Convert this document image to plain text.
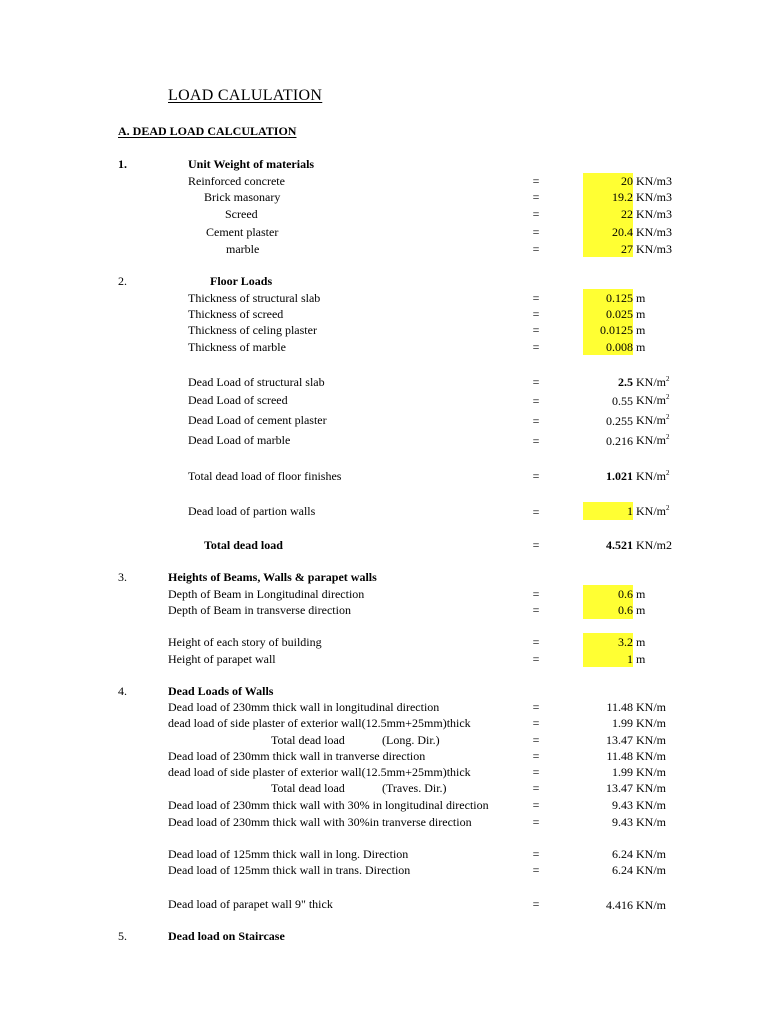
LOAD CALULATION
A. DEAD LOAD CALCULATION
1.	Unit Weight of materials
Reinforced concrete	=	20 KN/m3
Brick masonary	=	19.2 KN/m3
Screed	=	22 KN/m3
Cement plaster	=	20.4 KN/m3
marble	=	27 KN/m3
2.	Floor Loads
Thickness of structural slab	=	0.125 m
Thickness of screed	=	0.025 m
Thickness of celing plaster	=	0.0125 m
Thickness of marble	=	0.008 m
Dead Load of structural slab	=	2.5 $KN/m^2$
Dead Load of screed	=	0.55 $KN/m^2$
Dead Load of cement plaster	=	0.255 $KN/m^2$
Dead Load of marble	=	0.216 $KN/m^2$
Total dead load of floor finishes	=	1.021 $KN/m^2$
Dead load of partion walls	=	1 $KN/m^2$
Total dead load	=	4.521 KN/m2
3.	Heights of Beams, Walls & parapet walls
Depth of Beam in Longitudinal direction	=	0.6 m
Depth of Beam in transverse direction	=	0.6 m
Height of each story of building	=	3.2 m
Height of parapet wall	=	1 m
4.	Dead Loads of Walls
Dead load of 230mm thick wall in longitudinal direction	=	11.48 KN/m
dead load of side plaster of exterior wall(12.5mm+25mm)thick	=	1.99 KN/m
Total dead load	(Long. Dir.)	=	13.47 KN/m
Dead load of 230mm thick wall in tranverse direction	=	11.48 KN/m
dead load of side plaster of exterior wall(12.5mm+25mm)thick	=	1.99 KN/m
Total dead load	(Traves. Dir.)	=	13.47 KN/m
Dead load of 230mm thick wall with 30% in longitudinal direction	=	9.43 KN/m
Dead load of 230mm thick wall with 30%in tranverse direction	=	9.43 KN/m
Dead load of 125mm thick wall in long. Direction	=	6.24 KN/m
Dead load of 125mm thick wall in trans. Direction	=	6.24 KN/m
Dead load of parapet wall 9" thick	=	4.416 KN/m
5.	Dead load on Staircase
